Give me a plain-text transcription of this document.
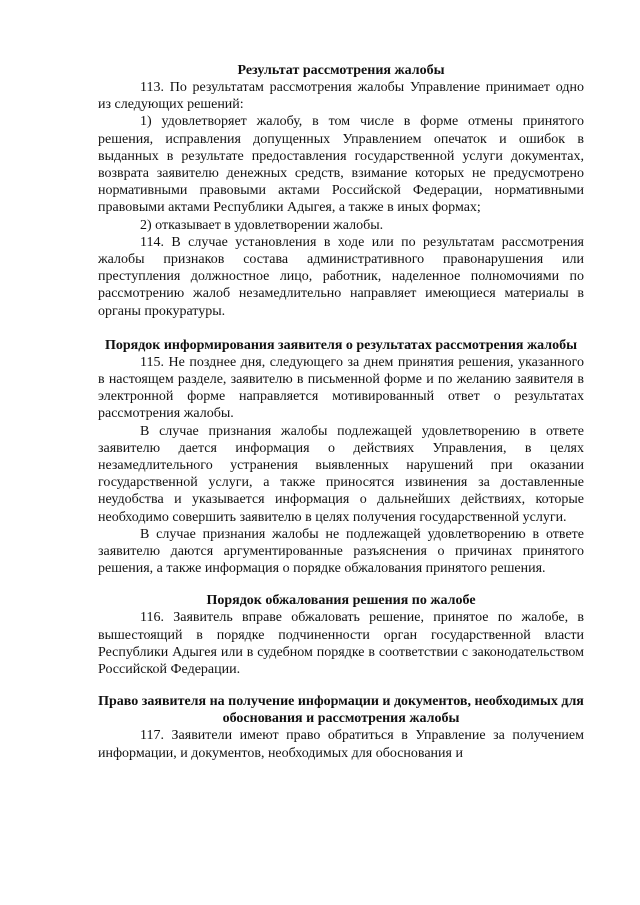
Результат рассмотрения жалобы

113. По результатам рассмотрения жалобы Управление принимает одно из следующих решений:

1) удовлетворяет жалобу, в том числе в форме отмены принятого решения, исправления допущенных Управлением опечаток и ошибок в выданных в результате предоставления государственной услуги документах, возврата заявителю денежных средств, взимание которых не предусмотрено нормативными правовыми актами Российской Федерации, нормативными правовыми актами Республики Адыгея, а также в иных формах;

2) отказывает в удовлетворении жалобы.

114. В случае установления в ходе или по результатам рассмотрения жалобы признаков состава административного правонарушения или преступления должностное лицо, работник, наделенное полномочиями по рассмотрению жалоб незамедлительно направляет имеющиеся материалы в органы прокуратуры.

Порядок информирования заявителя о результатах рассмотрения жалобы

115. Не позднее дня, следующего за днем принятия решения, указанного в настоящем разделе, заявителю в письменной форме и по желанию заявителя в электронной форме направляется мотивированный ответ о результатах рассмотрения жалобы.

В случае признания жалобы подлежащей удовлетворению в ответе заявителю дается информация о действиях Управления, в целях незамедлительного устранения выявленных нарушений при оказании государственной услуги, а также приносятся извинения за доставленные неудобства и указывается информация о дальнейших действиях, которые необходимо совершить заявителю в целях получения государственной услуги.

В случае признания жалобы не подлежащей удовлетворению в ответе заявителю даются аргументированные разъяснения о причинах принятого решения, а также информация о порядке обжалования принятого решения.

Порядок обжалования решения по жалобе

116. Заявитель вправе обжаловать решение, принятое по жалобе, в вышестоящий в порядке подчиненности орган государственной власти Республики Адыгея или в судебном порядке в соответствии с законодательством Российской Федерации.

Право заявителя на получение информации и документов, необходимых для обоснования и рассмотрения жалобы

117. Заявители имеют право обратиться в Управление за получением информации, и документов, необходимых для обоснования и
